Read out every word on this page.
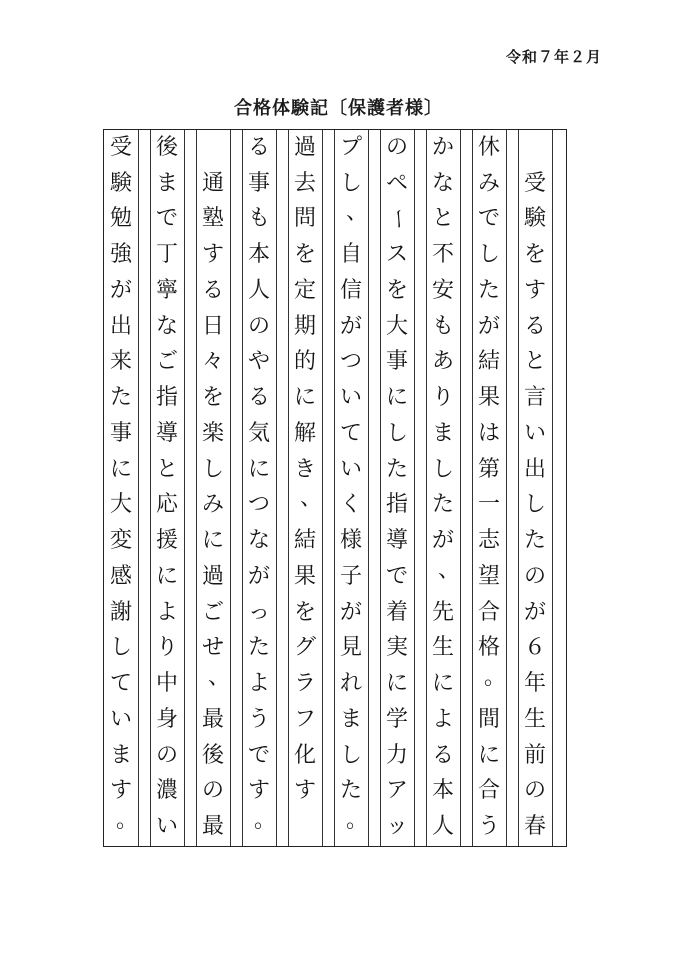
令和７年２月
合格体験記〔保護者様〕

受
験
を
す
る
と
言
い
出
し
た
の
が
６
年
生
前
の
春
休
み
で
し
た
が
結
果
は
第
一
志
望
合
格
。
間
に
合
う
か
な
と
不
安
も
あ
り
ま
し
た
が
、
先
生
に
よ
る
本
人
の
ペ
ー
ス
を
大
事
に
し
た
指
導
で
着
実
に
学
力
ア
ッ
プ
し
、
自
信
が
つ
い
て
い
く
様
子
が
見
れ
ま
し
た
。
過
去
問
を
定
期
的
に
解
き
、
結
果
を
グ
ラ
フ
化
す
る
事
も
本
人
の
や
る
気
に
つ
な
が
っ
た
よ
う
で
す
。

通
塾
す
る
日
々
を
楽
し
み
に
過
ご
せ
、
最
後
の
最
後
ま
で
丁
寧
な
ご
指
導
と
応
援
に
よ
り
中
身
の
濃
い
受
験
勉
強
が
出
来
た
事
に
大
変
感
謝
し
て
い
ま
す
。
